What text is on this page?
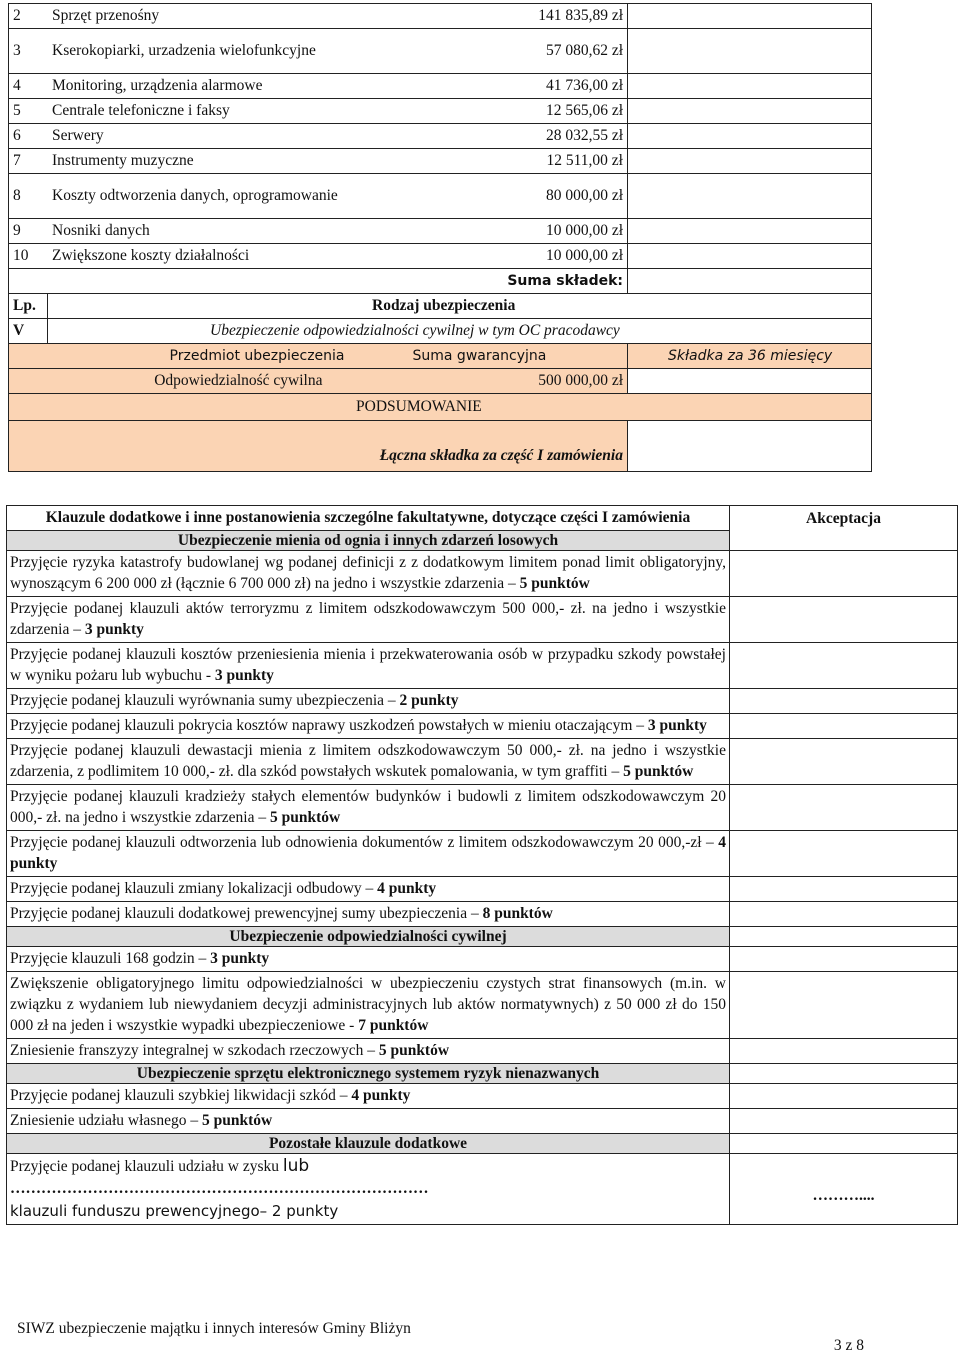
2	Sprzęt przenośny	141 835,89 zł	
3	Kserokopiarki, urzadzenia wielofunkcyjne	57 080,62 zł	
4	Monitoring, urządzenia alarmowe	41 736,00 zł	
5	Centrale telefoniczne i faksy	12 565,06 zł	
6	Serwery	28 032,55 zł	
7	Instrumenty muzyczne	12 511,00 zł	
8	Koszty odtworzenia danych, oprogramowanie	80 000,00 zł	
9	Nosniki danych	10 000,00 zł	
10	Zwiększone koszty działalności	10 000,00 zł	
		Suma składek:	
Lp.	Rodzaj ubezpieczenia		
V	Ubezpieczenie odpowiedzialności cywilnej w tym OC pracodawcy		
	Przedmiot ubezpieczenia	Suma gwarancyjna	Składka za 36 miesięcy
	Odpowiedzialność cywilna	500 000,00 zł	
PODSUMOWANIE			
Łączna składka za część I zamówienia			
Klauzule dodatkowe i inne postanowienia szczególne fakultatywne, dotyczące części I zamówienia	Akceptacja
Ubezpieczenie mienia od ognia i innych zdarzeń losowych	
Przyjęcie ryzyka katastrofy budowlanej wg podanej definicji z z dodatkowym limitem ponad limit obligatoryjny, wynoszącym 6 200 000 zł (łącznie 6 700 000 zł) na jedno i wszystkie zdarzenia – 5 punktów	
Przyjęcie podanej klauzuli aktów terroryzmu z limitem odszkodowawczym 500 000,- zł. na jedno i wszystkie zdarzenia – 3 punkty	
Przyjęcie podanej klauzuli kosztów przeniesienia mienia i przekwaterowania osób w przypadku szkody powstałej w wyniku pożaru lub wybuchu - 3 punkty	
Przyjęcie podanej klauzuli wyrównania sumy ubezpieczenia – 2 punkty	
Przyjęcie podanej klauzuli pokrycia kosztów naprawy uszkodzeń powstałych w mieniu otaczającym – 3 punkty	
Przyjęcie podanej klauzuli dewastacji mienia z limitem odszkodowawczym 50 000,- zł. na jedno i wszystkie zdarzenia, z podlimitem 10 000,- zł. dla szkód powstałych wskutek pomalowania, w tym graffiti – 5 punktów	
Przyjęcie podanej klauzuli kradzieży stałych elementów budynków i budowli z limitem odszkodowawczym 20 000,- zł. na jedno i wszystkie zdarzenia – 5 punktów	
Przyjęcie podanej klauzuli odtworzenia lub odnowienia dokumentów z limitem odszkodowawczym 20 000,-zł – 4 punkty	
Przyjęcie podanej klauzuli zmiany lokalizacji odbudowy – 4 punkty	
Przyjęcie podanej klauzuli dodatkowej prewencyjnej sumy ubezpieczenia – 8 punktów	
Ubezpieczenie odpowiedzialności cywilnej	
Przyjęcie klauzuli 168 godzin – 3 punkty	
Zwiększenie obligatoryjnego limitu odpowiedzialności w ubezpieczeniu czystych strat finansowych (m.in. w związku z wydaniem lub niewydaniem decyzji administracyjnych lub aktów normatywnych) z 50 000 zł do 150 000 zł na jeden i wszystkie wypadki ubezpieczeniowe - 7 punktów	
Zniesienie franszyzy integralnej w szkodach rzeczowych – 5 punktów	
Ubezpieczenie sprzętu elektronicznego systemem ryzyk nienazwanych	
Przyjęcie podanej klauzuli szybkiej likwidacji szkód – 4 punkty	
Zniesienie udziału własnego – 5 punktów	
Pozostałe klauzule dodatkowe	

Przyjęcie podanej klauzuli udziału w zysku lub
………………………………………………………………………
klauzuli funduszu prewencyjnego– 2 punkty	………....
SIWZ ubezpieczenie majątku i innych interesów Gminy Bliżyn
3 z 8
